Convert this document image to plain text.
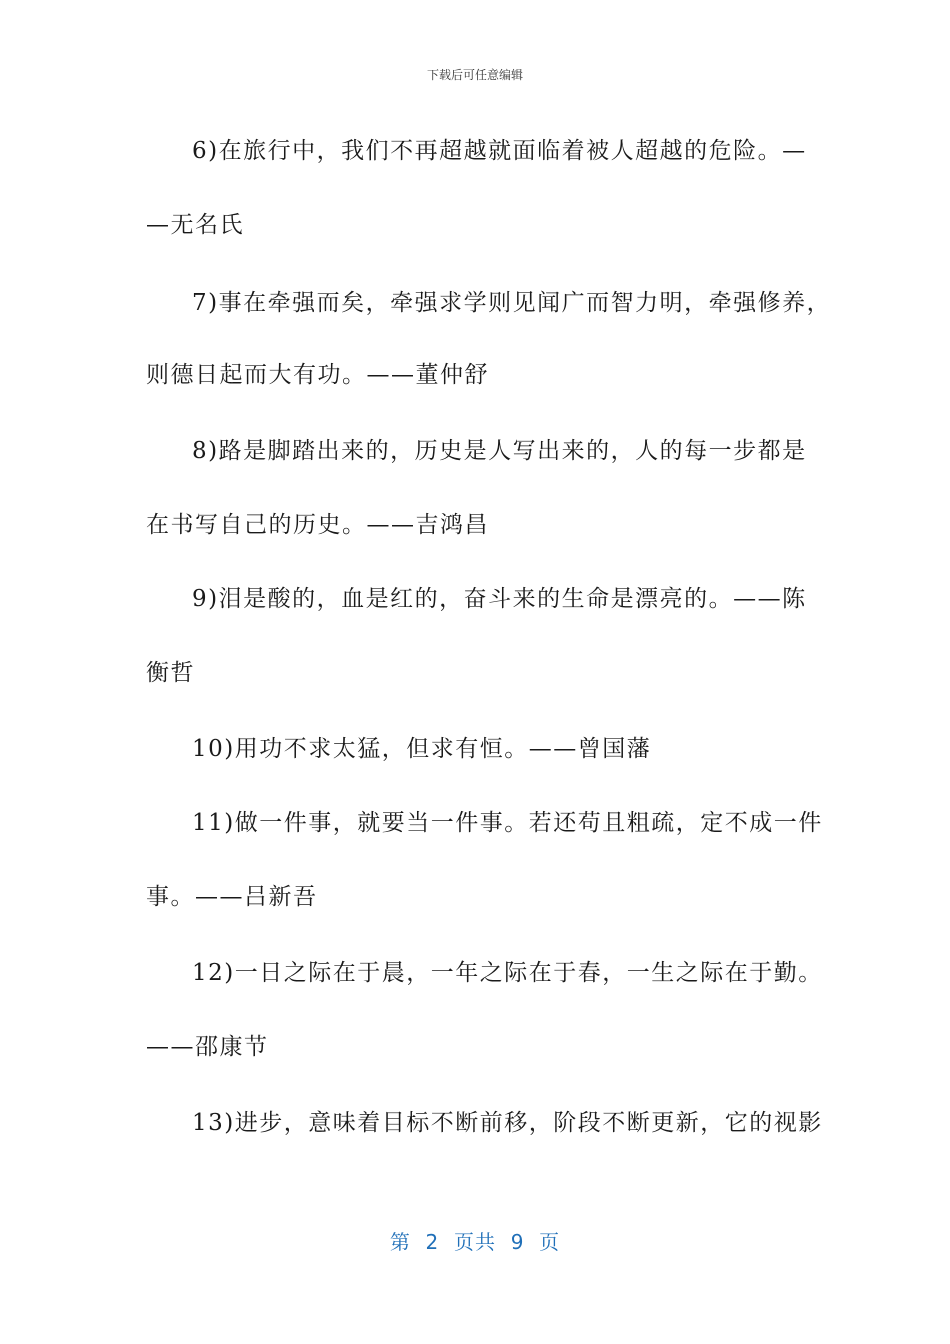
下载后可任意编辑
6)在旅行中，我们不再超越就面临着被人超越的危险。—
—无名氏
7)事在牵强而矣，牵强求学则见闻广而智力明，牵强修养，
则德日起而大有功。——董仲舒
8)路是脚踏出来的，历史是人写出来的，人的每一步都是
在书写自己的历史。——吉鸿昌
9)泪是酸的，血是红的，奋斗来的生命是漂亮的。——陈
衡哲
10)用功不求太猛，但求有恒。——曾国藩
11)做一件事，就要当一件事。若还苟且粗疏，定不成一件
事。——吕新吾
12)一日之际在于晨，一年之际在于春，一生之际在于勤。
——邵康节
13)进步，意味着目标不断前移，阶段不断更新，它的视影
第  2  页共  9  页
